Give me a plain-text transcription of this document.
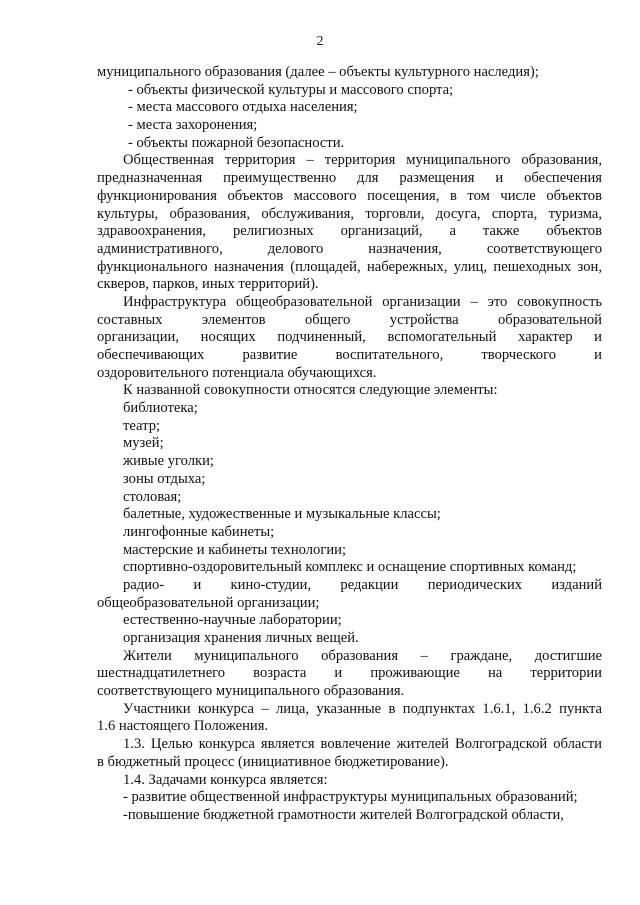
2
муниципального образования (далее – объекты культурного наследия);
- объекты физической культуры и массового спорта;
- места массового отдыха населения;
- места захоронения;
- объекты пожарной безопасности.
Общественная территория – территория муниципального образования,
предназначенная преимущественно для размещения и обеспечения
функционирования объектов массового посещения, в том числе объектов
культуры, образования, обслуживания, торговли, досуга, спорта, туризма,
здравоохранения, религиозных организаций, а также объектов
административного, делового назначения, соответствующего
функционального назначения (площадей, набережных, улиц, пешеходных зон,
скверов, парков, иных территорий).
Инфраструктура общеобразовательной организации – это совокупность
составных элементов общего устройства образовательной
организации, носящих подчиненный, вспомогательный характер и
обеспечивающих развитие воспитательного, творческого и
оздоровительного потенциала обучающихся.
К названной совокупности относятся следующие элементы:
библиотека;
театр;
музей;
живые уголки;
зоны отдыха;
столовая;
балетные, художественные и музыкальные классы;
лингофонные кабинеты;
мастерские и кабинеты технологии;
спортивно-оздоровительный комплекс и оснащение спортивных команд;
радио- и кино-студии, редакции периодических изданий
общеобразовательной организации;
естественно-научные лаборатории;
организация хранения личных вещей.
Жители муниципального образования – граждане, достигшие
шестнадцатилетнего возраста и проживающие на территории
соответствующего муниципального образования.
Участники конкурса – лица, указанные в подпунктах 1.6.1, 1.6.2 пункта
1.6 настоящего Положения.
1.3. Целью конкурса является вовлечение жителей Волгоградской области
в бюджетный процесс (инициативное бюджетирование).
1.4. Задачами конкурса является:
- развитие общественной инфраструктуры муниципальных образований;
-повышение бюджетной грамотности жителей Волгоградской области,
